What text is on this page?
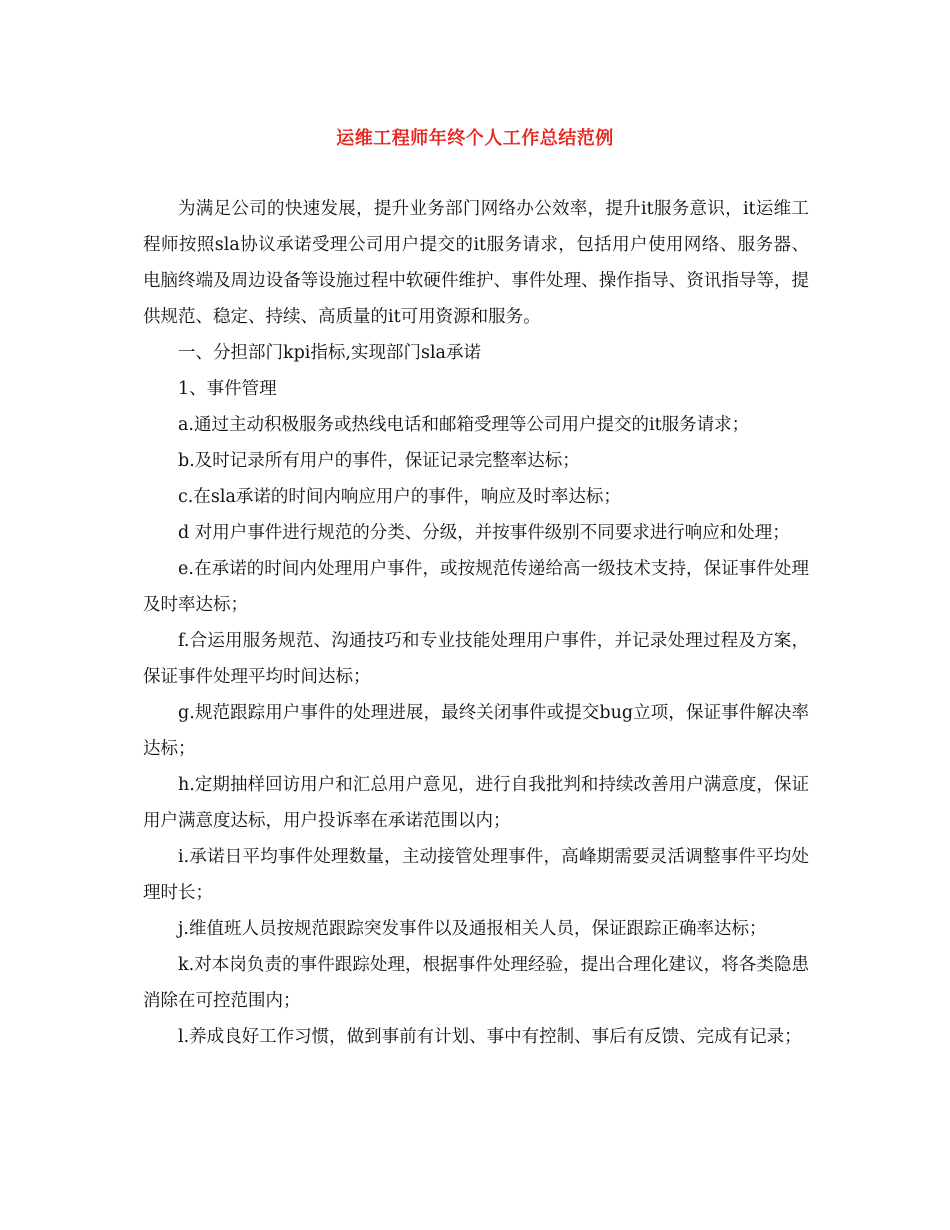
运维工程师年终个人工作总结范例

为满足公司的快速发展，提升业务部门网络办公效率，提升it服务意识，it运维工程师按照sla协议承诺受理公司用户提交的it服务请求，包括用户使用网络、服务器、电脑终端及周边设备等设施过程中软硬件维护、事件处理、操作指导、资讯指导等，提供规范、稳定、持续、高质量的it可用资源和服务。

一、分担部门kpi指标,实现部门sla承诺

1、事件管理

a.通过主动积极服务或热线电话和邮箱受理等公司用户提交的it服务请求；

b.及时记录所有用户的事件，保证记录完整率达标；

c.在sla承诺的时间内响应用户的事件，响应及时率达标；

d 对用户事件进行规范的分类、分级，并按事件级别不同要求进行响应和处理；

e.在承诺的时间内处理用户事件，或按规范传递给高一级技术支持，保证事件处理及时率达标；

f.合运用服务规范、沟通技巧和专业技能处理用户事件，并记录处理过程及方案，保证事件处理平均时间达标；

g.规范跟踪用户事件的处理进展，最终关闭事件或提交bug立项，保证事件解决率达标；

h.定期抽样回访用户和汇总用户意见，进行自我批判和持续改善用户满意度，保证用户满意度达标，用户投诉率在承诺范围以内；

i.承诺日平均事件处理数量，主动接管处理事件，高峰期需要灵活调整事件平均处理时长；

j.维值班人员按规范跟踪突发事件以及通报相关人员，保证跟踪正确率达标；

k.对本岗负责的事件跟踪处理，根据事件处理经验，提出合理化建议，将各类隐患消除在可控范围内；

l.养成良好工作习惯，做到事前有计划、事中有控制、事后有反馈、完成有记录；
